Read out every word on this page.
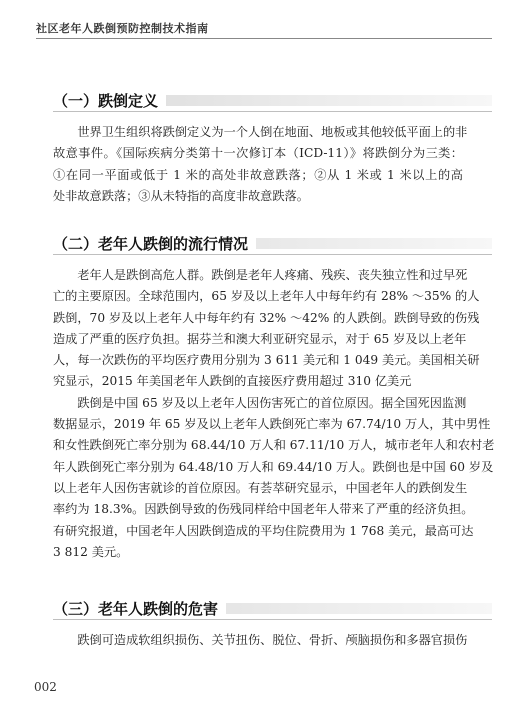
社区老年人跌倒预防控制技术指南
（一）跌倒定义
　　世界卫生组织将跌倒定义为一个人倒在地面、地板或其他较低平面上的非
故意事件。《国际疾病分类第十一次修订本（ICD-11）》将跌倒分为三类：
①在同一平面或低于 1 米的高处非故意跌落；②从 1 米或 1 米以上的高
处非故意跌落；③从未特指的高度非故意跌落。
（二）老年人跌倒的流行情况
　　老年人是跌倒高危人群。跌倒是老年人疼痛、残疾、丧失独立性和过早死
亡的主要原因。全球范围内，65 岁及以上老年人中每年约有 28% ～35% 的人
跌倒，70 岁及以上老年人中每年约有 32% ～42% 的人跌倒。跌倒导致的伤残
造成了严重的医疗负担。据芬兰和澳大利亚研究显示，对于 65 岁及以上老年
人，每一次跌伤的平均医疗费用分别为 3 611 美元和 1 049 美元。美国相关研
究显示，2015 年美国老年人跌倒的直接医疗费用超过 310 亿美元
　　跌倒是中国 65 岁及以上老年人因伤害死亡的首位原因。据全国死因监测
数据显示，2019 年 65 岁及以上老年人跌倒死亡率为 67.74/10 万人，其中男性
和女性跌倒死亡率分别为 68.44/10 万人和 67.11/10 万人，城市老年人和农村老
年人跌倒死亡率分别为 64.48/10 万人和 69.44/10 万人。跌倒也是中国 60 岁及
以上老年人因伤害就诊的首位原因。有荟萃研究显示，中国老年人的跌倒发生
率约为 18.3%。因跌倒导致的伤残同样给中国老年人带来了严重的经济负担。
有研究报道，中国老年人因跌倒造成的平均住院费用为 1 768 美元，最高可达
3 812 美元。
（三）老年人跌倒的危害
　　跌倒可造成软组织损伤、关节扭伤、脱位、骨折、颅脑损伤和多器官损伤
002
